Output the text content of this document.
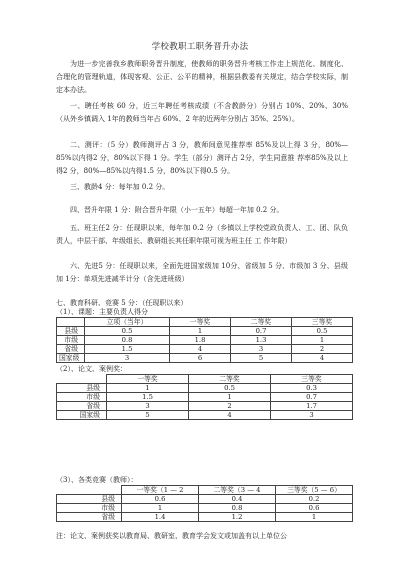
学校教职工职务晋升办法

为进一步完善我乡教师职务晋升制度，使教师的职务晋升考核工作走上规范化、制度化、合理化的管理轨道，体现客观、公正、公平的精神，根据县教委有关规定，结合学校实际，制定本办法。

一、聘任考核 60 分，近三年聘任考核成绩（不含教龄分）分别占 10%、20%、30%（从外乡镇调入 1年的教师当年占 60%、2 年的近两年分别占 35%、25%）。

二、测评：（5 分）教师测评占 3 分，教师间意见推荐率 85%及以上得 3 分，80%—85%以内得2 分，80%以下得 1 分。学生（部分）测评占 2分，学生同意推 荐率85%及以上得2 分，80%—85%以内得1.5 分，80%以下得0.5 分。

三、教龄4 分：每年加 0.2 分。

四、晋升年限 1 分：附合晋升年限（小一五年）每超一年加 0.2 分。

五、班主任2 分：任现职以来，每年加 0.2 分（乡镇以上学校党政负责人、工、团、队负责人，中层干部、年级组长、教研组长其任职年限可视为班主任 工 作年限）

六、先进5 分：任现职以来，全面先进国家级加 10分、省级加 5 分、市级加 3 分、县级加 1分：单项先进减半计分（含先进班级）

七、教育科研、竞赛 5 分：（任现职以来）
（1）、课题：主要负责人得分
	立项（当年）	一等奖	二等奖	三等奖
县级	0.5	1	0.7	0.5
市级	0.8	1.8	1.3	1
省级	1.5	4	3	2
国家级	3	6	5	4
（2）、论文、案例奖：
	一等奖	二等奖	三等奖
县级	1	0.5	0.3
市级	1.5	1	0.7
省级	3	2	1.7
国家级	5	4	3
（3）、各类竞赛（教师）：
	一等奖（1 — 2	二等奖（3 — 4	三等奖（5 — 6）
县级	0.6	0.4	0.2
市级	1	0.8	0.6
省级	1.4	1.2	1
注：论文、案例获奖以教育局、教研室、教育学会发文或加盖有以上单位公
